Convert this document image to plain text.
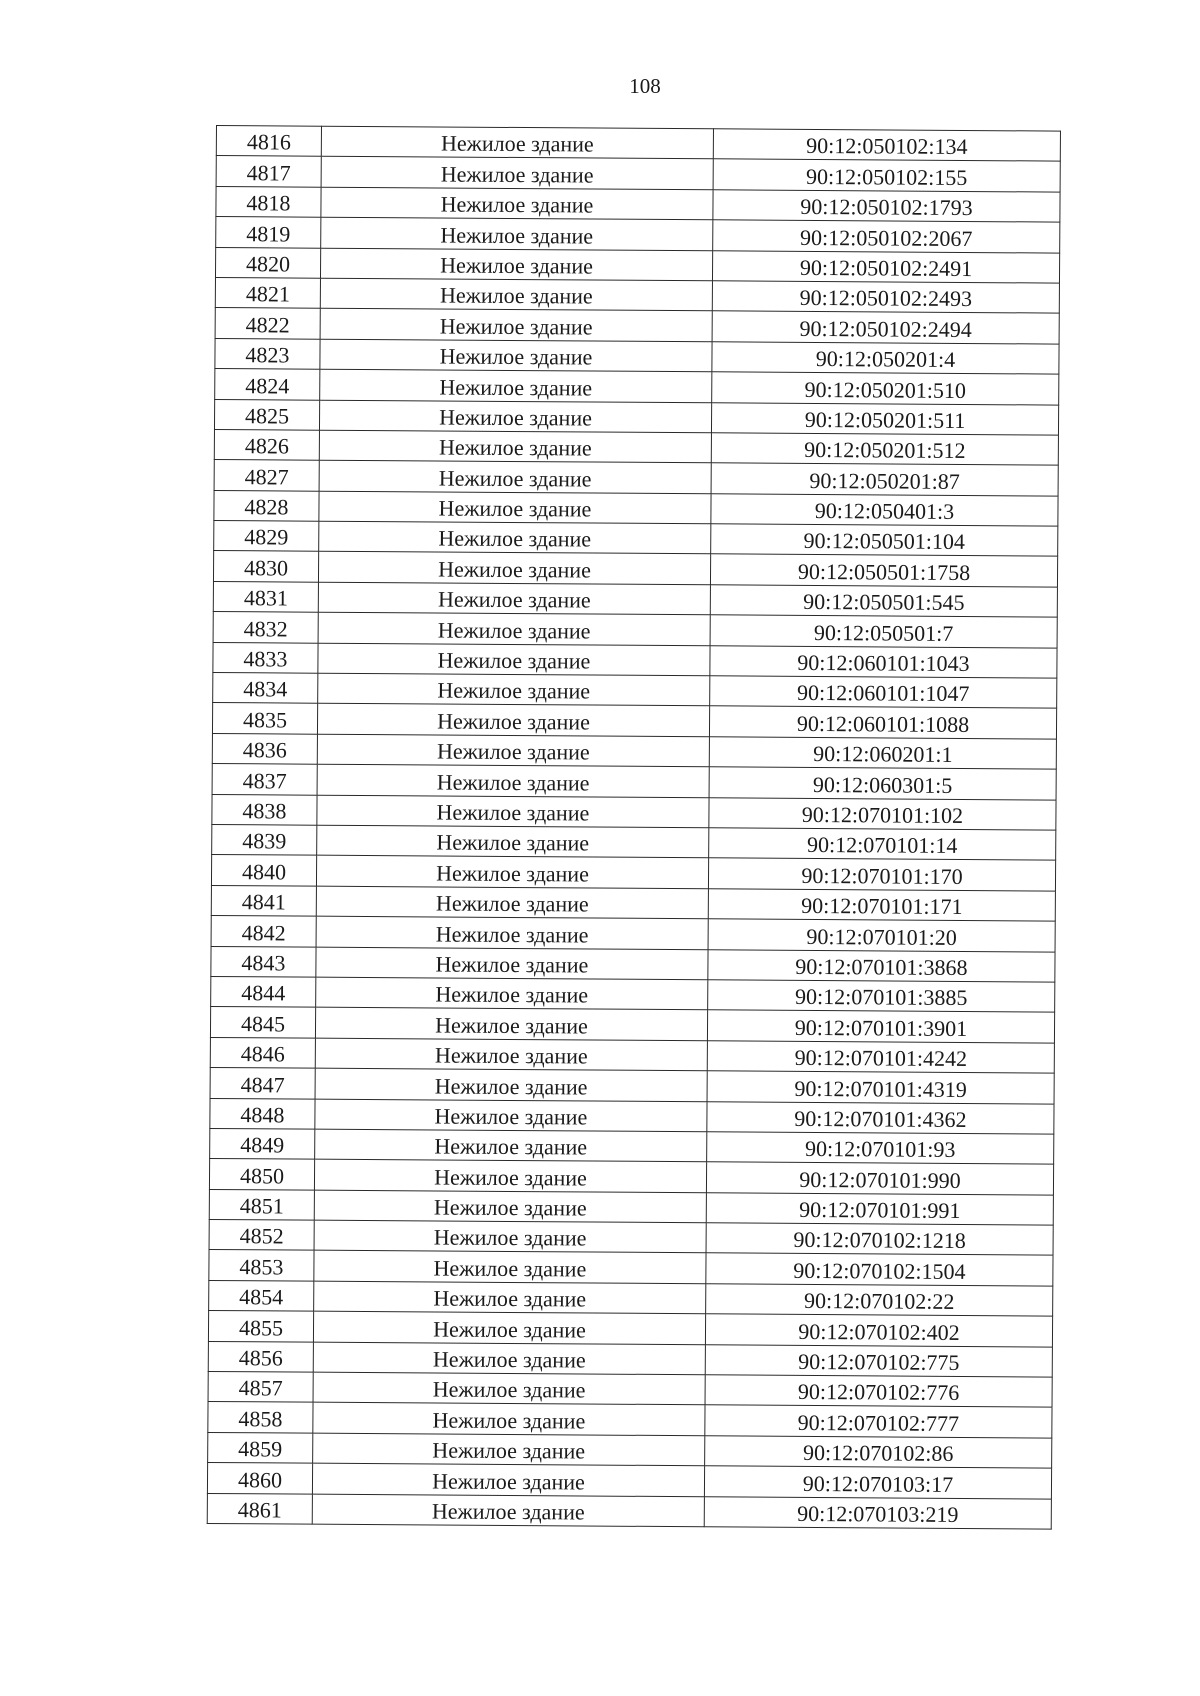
108
4816	Нежилое здание	90:12:050102:134
4817	Нежилое здание	90:12:050102:155
4818	Нежилое здание	90:12:050102:1793
4819	Нежилое здание	90:12:050102:2067
4820	Нежилое здание	90:12:050102:2491
4821	Нежилое здание	90:12:050102:2493
4822	Нежилое здание	90:12:050102:2494
4823	Нежилое здание	90:12:050201:4
4824	Нежилое здание	90:12:050201:510
4825	Нежилое здание	90:12:050201:511
4826	Нежилое здание	90:12:050201:512
4827	Нежилое здание	90:12:050201:87
4828	Нежилое здание	90:12:050401:3
4829	Нежилое здание	90:12:050501:104
4830	Нежилое здание	90:12:050501:1758
4831	Нежилое здание	90:12:050501:545
4832	Нежилое здание	90:12:050501:7
4833	Нежилое здание	90:12:060101:1043
4834	Нежилое здание	90:12:060101:1047
4835	Нежилое здание	90:12:060101:1088
4836	Нежилое здание	90:12:060201:1
4837	Нежилое здание	90:12:060301:5
4838	Нежилое здание	90:12:070101:102
4839	Нежилое здание	90:12:070101:14
4840	Нежилое здание	90:12:070101:170
4841	Нежилое здание	90:12:070101:171
4842	Нежилое здание	90:12:070101:20
4843	Нежилое здание	90:12:070101:3868
4844	Нежилое здание	90:12:070101:3885
4845	Нежилое здание	90:12:070101:3901
4846	Нежилое здание	90:12:070101:4242
4847	Нежилое здание	90:12:070101:4319
4848	Нежилое здание	90:12:070101:4362
4849	Нежилое здание	90:12:070101:93
4850	Нежилое здание	90:12:070101:990
4851	Нежилое здание	90:12:070101:991
4852	Нежилое здание	90:12:070102:1218
4853	Нежилое здание	90:12:070102:1504
4854	Нежилое здание	90:12:070102:22
4855	Нежилое здание	90:12:070102:402
4856	Нежилое здание	90:12:070102:775
4857	Нежилое здание	90:12:070102:776
4858	Нежилое здание	90:12:070102:777
4859	Нежилое здание	90:12:070102:86
4860	Нежилое здание	90:12:070103:17
4861	Нежилое здание	90:12:070103:219
